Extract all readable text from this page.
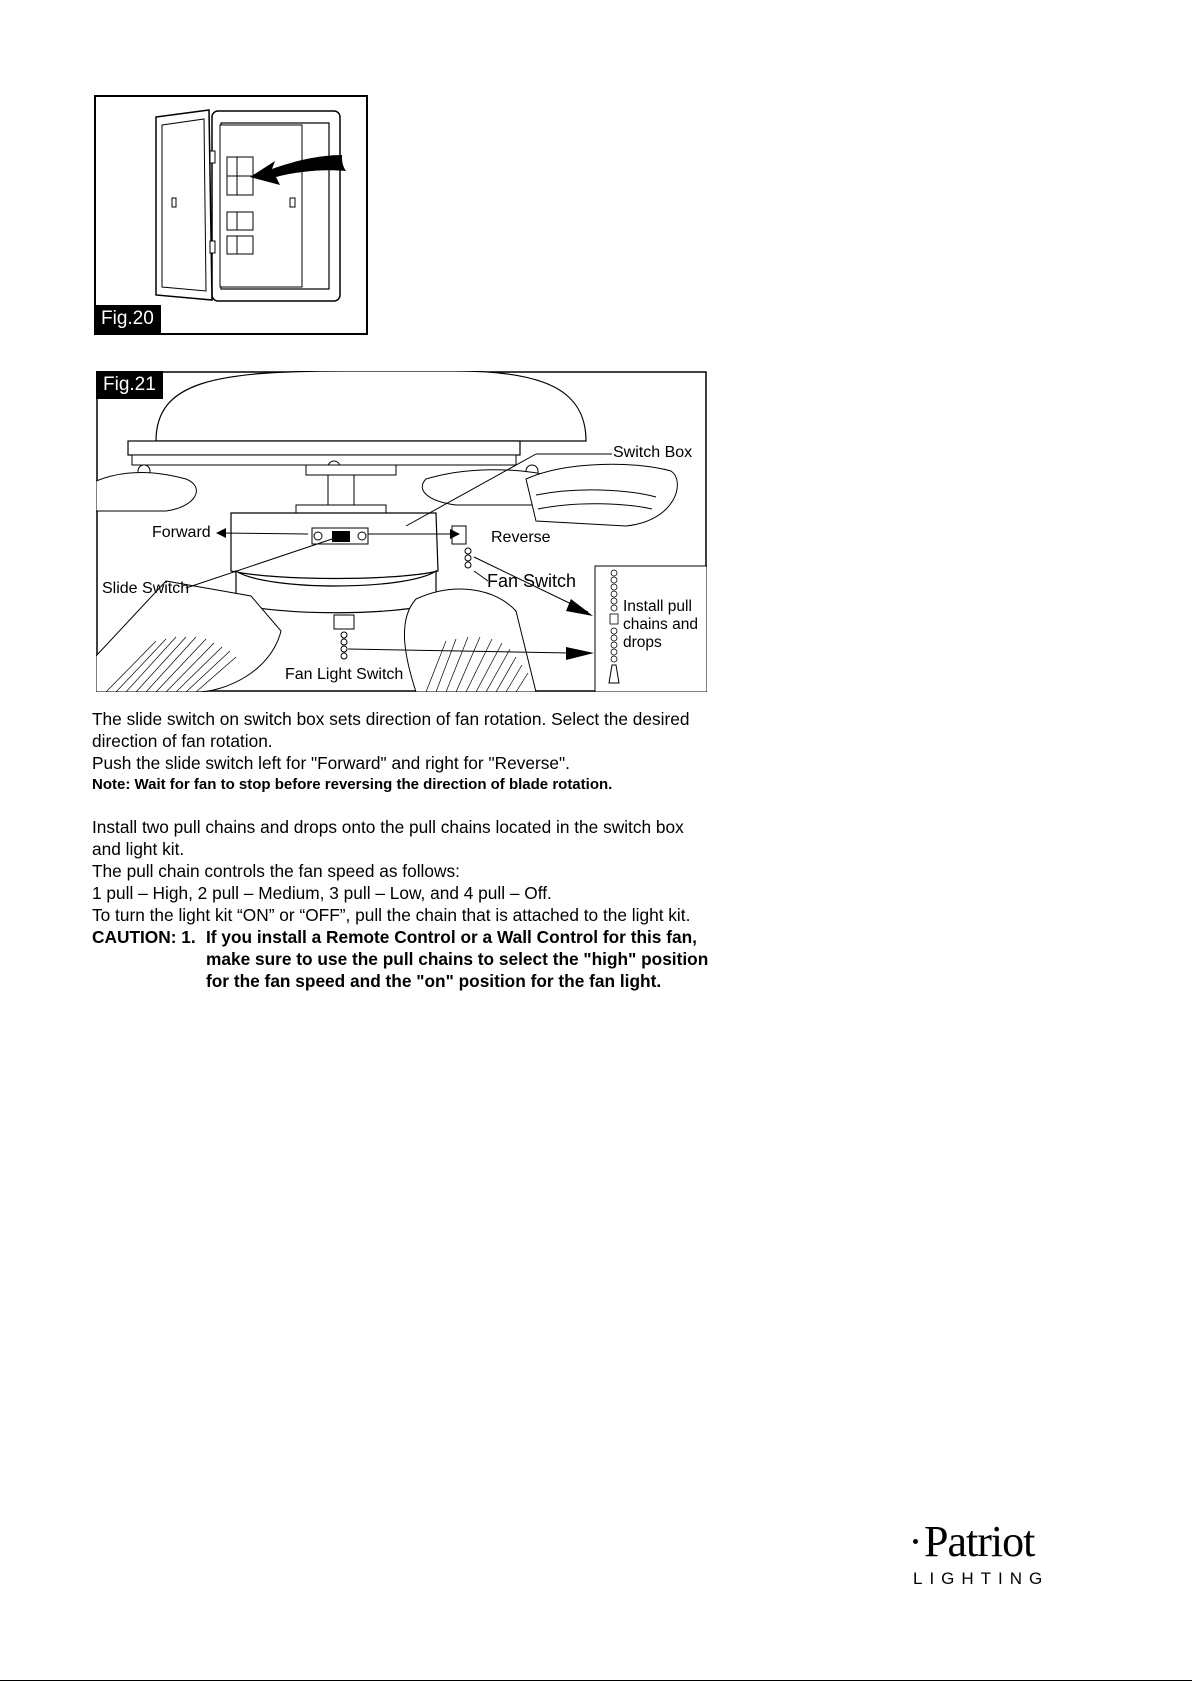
Fig.20
Fig.21
Switch Box
Forward	Reverse
Slide Switch	Fan Switch
Install pull chains and drops
Fan Light Switch

The slide switch on switch box sets direction of fan rotation. Select the desired direction of fan rotation.

Push the slide switch left for "Forward" and right for "Reverse".

Note: Wait for fan to stop before reversing the direction of blade rotation.

Install two pull chains and drops onto the pull chains located in the switch box and light kit.

The pull chain controls the fan speed as follows:

1 pull – High, 2 pull – Medium, 3 pull – Low, and 4 pull – Off.

To turn the light kit “ON” or “OFF”, pull the chain that is attached to the light kit.

CAUTION: 1. If you install a Remote Control or a Wall Control for this fan, make sure to use the pull chains to select the "high" position for the fan speed and the "on" position for the fan light.
Patriot
LIGHTING
